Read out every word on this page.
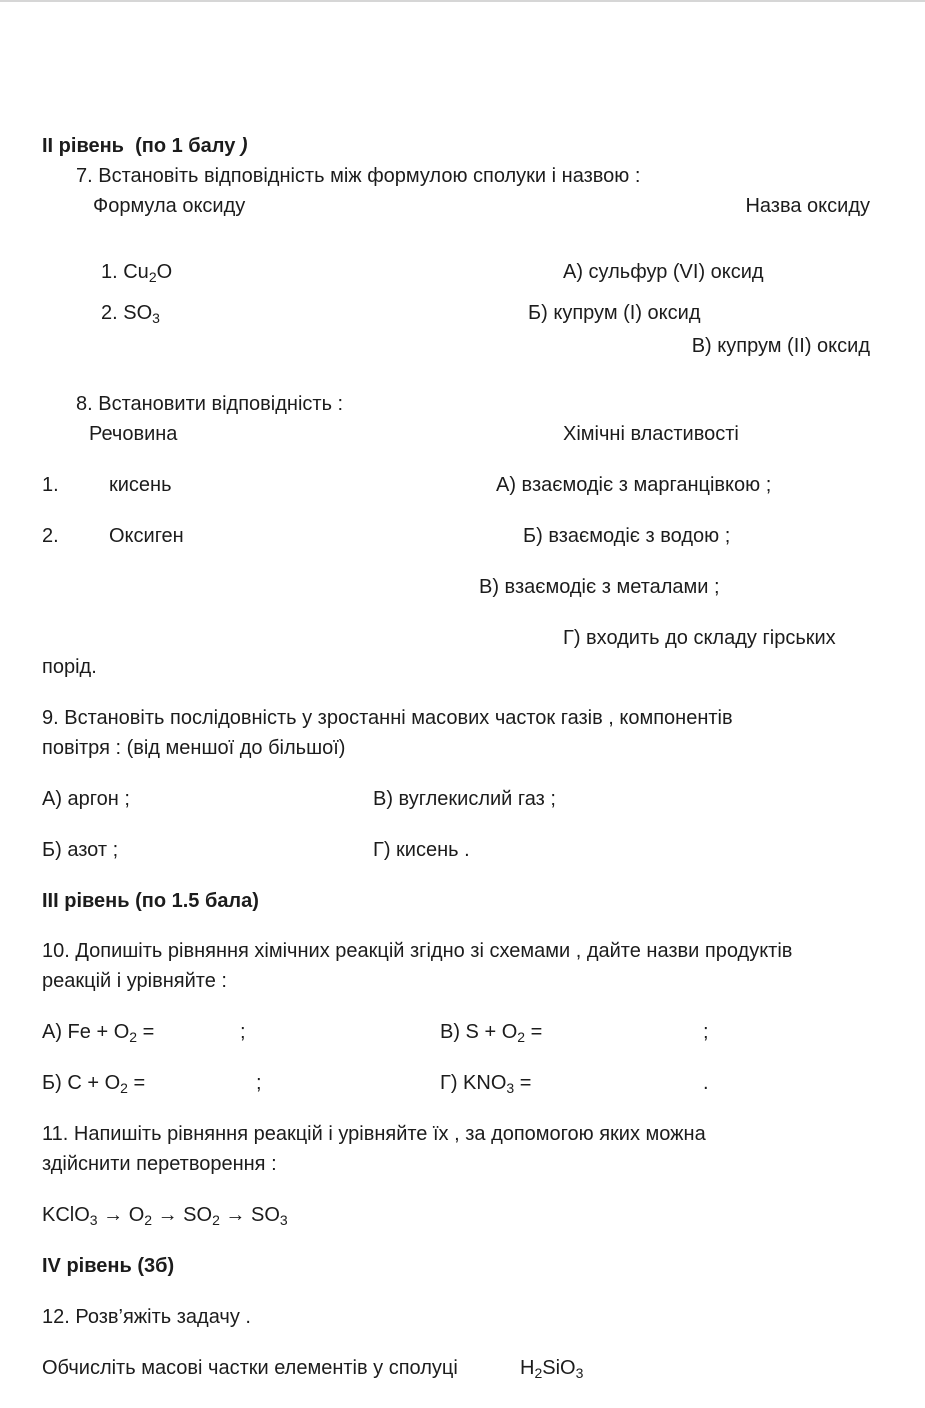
II рівень (по 1 балу )
7. Встановіть відповідність між формулою сполуки і назвою :
Формула оксиду	Назва оксиду
1. $Cu_2O$
2. $SO_3$
А) сульфур (VI) оксид
Б) купрум (І) оксид
В) купрум (ІІ) оксид
8. Встановити відповідність :
Речовина	Хімічні властивості
1.	кисень
2.	Оксиген
А) взаємодіє з марганцівкою ;
Б) взаємодіє з водою ;
В) взаємодіє з металами ;
Г) входить до складу гірських
порід.
9. Встановіть послідовність у зростанні масових часток газів , компонентів
повітря : (від меншої до більшої)
А) аргон ;
Б) азот ;
В) вуглекислий газ ;
Г) кисень .
III рівень (по 1.5 бала)
10. Допишіть рівняння хімічних реакцій згідно зі схемами , дайте назви продуктів
реакцій і урівняйте :
А) $Fe + O_2$ =	;
Б) $C + O_2$ =	;
В) $S + O_2$ =	;
Г) $KNO_3$ =	.
11. Напишіть рівняння реакцій і урівняйте їх , за допомогою яких можна
здійснити перетворення :
KClO$_3$ → $O_2 \to SO_2 \to SO_3$
IV рівень (3б)
12. Розв’яжіть задачу .
Обчисліть масові частки елементів у сполуці	$H_2SiO_3$
